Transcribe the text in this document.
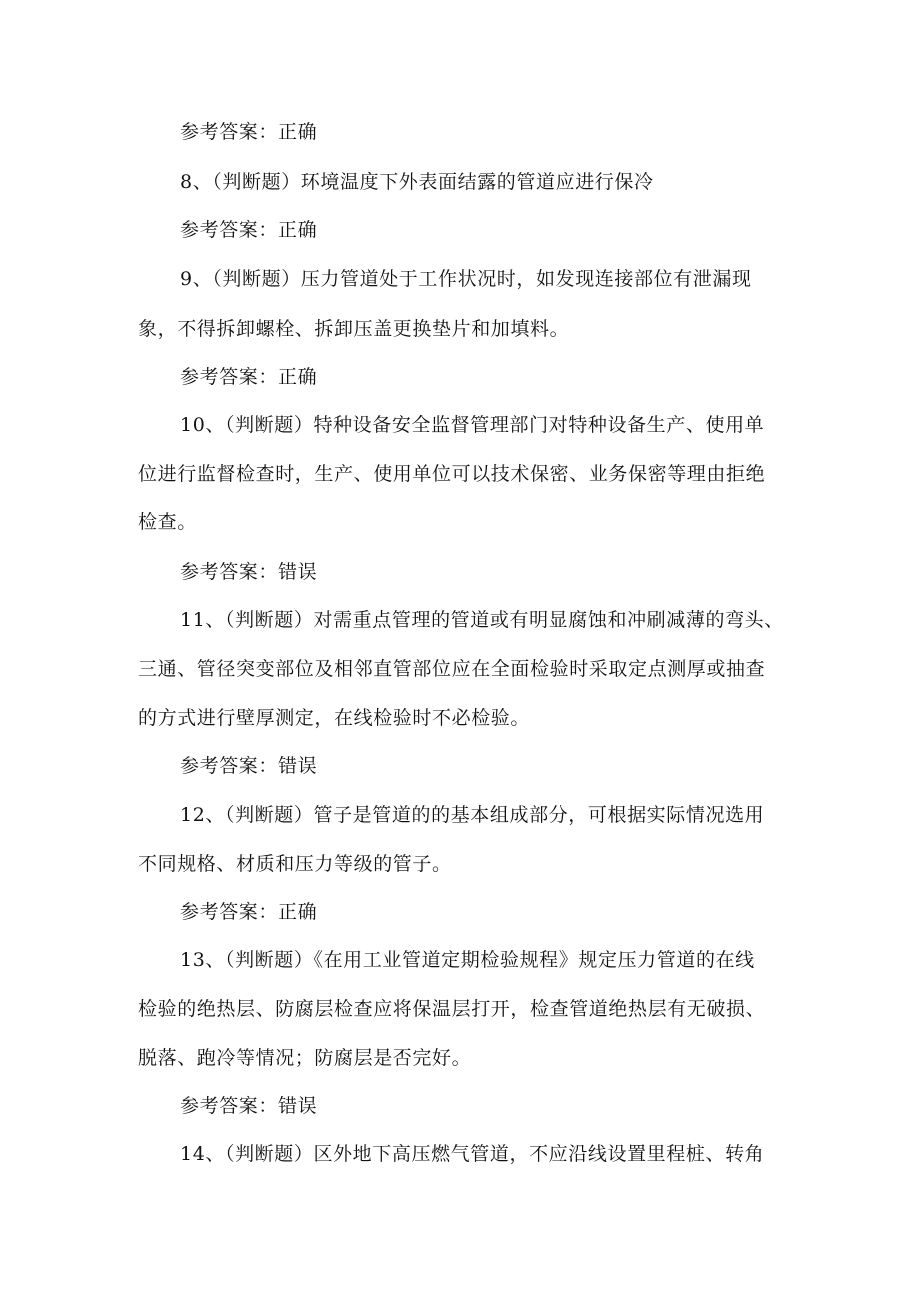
参考答案：正确
8、（判断题）环境温度下外表面结露的管道应进行保冷
参考答案：正确
9、（判断题）压力管道处于工作状况时，如发现连接部位有泄漏现
象，不得拆卸螺栓、拆卸压盖更换垫片和加填料。
参考答案：正确
10、（判断题）特种设备安全监督管理部门对特种设备生产、使用单
位进行监督检查时，生产、使用单位可以技术保密、业务保密等理由拒绝
检查。
参考答案：错误
11、（判断题）对需重点管理的管道或有明显腐蚀和冲刷减薄的弯头、
三通、管径突变部位及相邻直管部位应在全面检验时采取定点测厚或抽查
的方式进行壁厚测定，在线检验时不必检验。
参考答案：错误
12、（判断题）管子是管道的的基本组成部分，可根据实际情况选用
不同规格、材质和压力等级的管子。
参考答案：正确
13、（判断题）《在用工业管道定期检验规程》规定压力管道的在线
检验的绝热层、防腐层检查应将保温层打开，检查管道绝热层有无破损、
脱落、跑冷等情况；防腐层是否完好。
参考答案：错误
14、（判断题）区外地下高压燃气管道，不应沿线设置里程桩、转角
